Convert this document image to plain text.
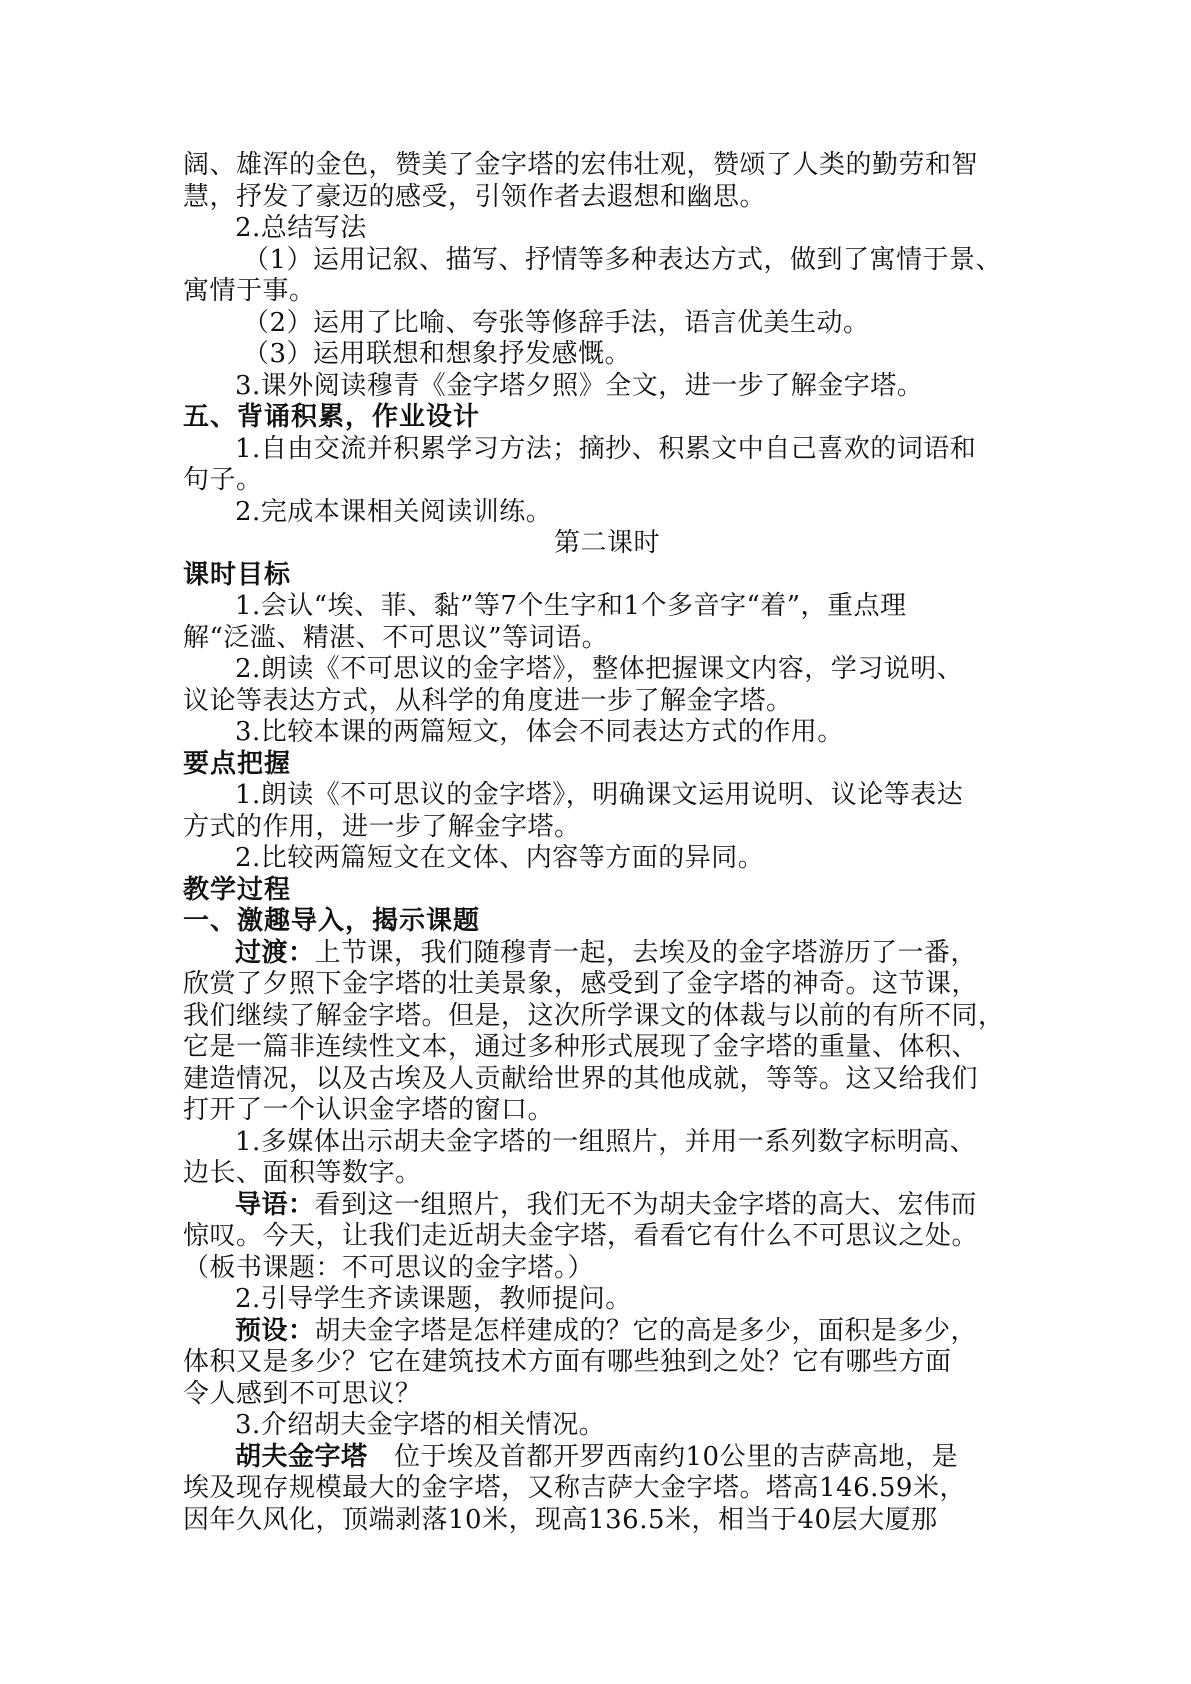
阔、雄浑的金色，赞美了金字塔的宏伟壮观，赞颂了人类的勤劳和智

慧，抒发了豪迈的感受，引领作者去遐想和幽思。

2.总结写法

（1）运用记叙、描写、抒情等多种表达方式，做到了寓情于景、

寓情于事。

（2）运用了比喻、夸张等修辞手法，语言优美生动。

（3）运用联想和想象抒发感慨。

3.课外阅读穆青《金字塔夕照》全文，进一步了解金字塔。

五、背诵积累，作业设计

1.自由交流并积累学习方法；摘抄、积累文中自己喜欢的词语和

句子。

2.完成本课相关阅读训练。

第二课时

课时目标

1.会认“埃、菲、黏”等7个生字和1个多音字“着”，重点理

解“泛滥、精湛、不可思议”等词语。

2.朗读《不可思议的金字塔》，整体把握课文内容，学习说明、

议论等表达方式，从科学的角度进一步了解金字塔。

3.比较本课的两篇短文，体会不同表达方式的作用。

要点把握

1.朗读《不可思议的金字塔》，明确课文运用说明、议论等表达

方式的作用，进一步了解金字塔。

2.比较两篇短文在文体、内容等方面的异同。

教学过程

一、激趣导入，揭示课题

过渡：上节课，我们随穆青一起，去埃及的金字塔游历了一番，

欣赏了夕照下金字塔的壮美景象，感受到了金字塔的神奇。这节课，

我们继续了解金字塔。但是，这次所学课文的体裁与以前的有所不同，

它是一篇非连续性文本，通过多种形式展现了金字塔的重量、体积、

建造情况，以及古埃及人贡献给世界的其他成就，等等。这又给我们

打开了一个认识金字塔的窗口。

1.多媒体出示胡夫金字塔的一组照片，并用一系列数字标明高、

边长、面积等数字。

导语：看到这一组照片，我们无不为胡夫金字塔的高大、宏伟而

惊叹。今天，让我们走近胡夫金字塔，看看它有什么不可思议之处。

（板书课题：不可思议的金字塔。）

2.引导学生齐读课题，教师提问。

预设：胡夫金字塔是怎样建成的？它的高是多少，面积是多少，

体积又是多少？它在建筑技术方面有哪些独到之处？它有哪些方面

令人感到不可思议？

3.介绍胡夫金字塔的相关情况。

胡夫金字塔　位于埃及首都开罗西南约10公里的吉萨高地，是

埃及现存规模最大的金字塔，又称吉萨大金字塔。塔高146.59米，

因年久风化，顶端剥落10米，现高136.5米，相当于40层大厦那
